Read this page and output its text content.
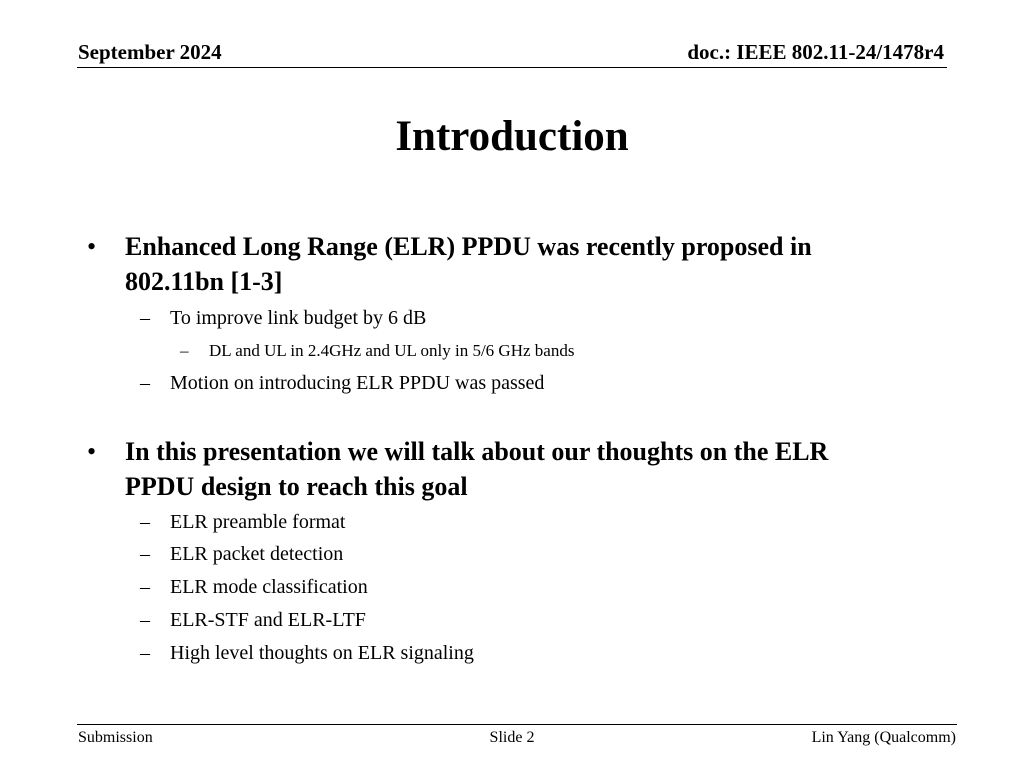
September 2024	doc.: IEEE 802.11-24/1478r4
Introduction
• Enhanced Long Range (ELR) PPDU was recently proposed in
802.11bn [1-3]
– To improve link budget by 6 dB
– DL and UL in 2.4GHz and UL only in 5/6 GHz bands
– Motion on introducing ELR PPDU was passed
• In this presentation we will talk about our thoughts on the ELR
PPDU design to reach this goal
– ELR preamble format
– ELR packet detection
– ELR mode classification
– ELR-STF and ELR-LTF
– High level thoughts on ELR signaling
Submission	Slide 2	Lin Yang (Qualcomm)
